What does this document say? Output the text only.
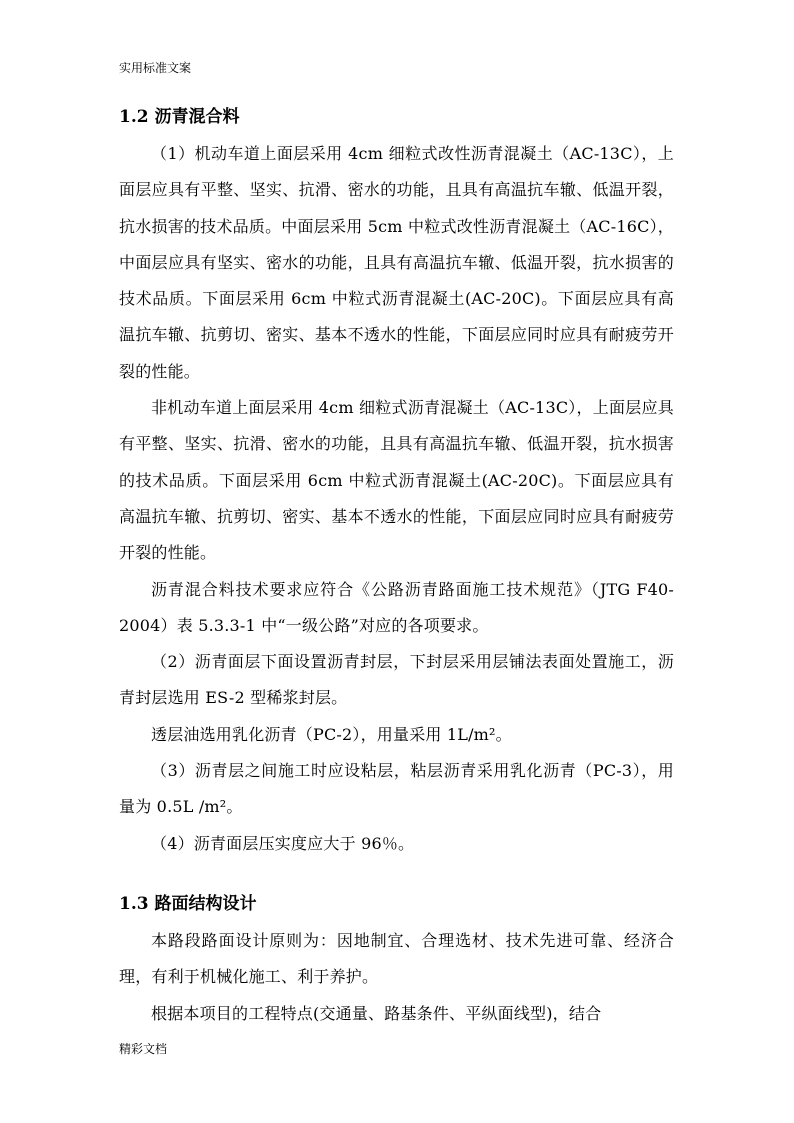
实用标准文案
1.2 沥青混合料

（1）机动车道上面层采用 4cm 细粒式改性沥青混凝土（AC-13C），上面层应具有平整、坚实、抗滑、密水的功能，且具有高温抗车辙、低温开裂，抗水损害的技术品质。中面层采用 5cm 中粒式改性沥青混凝土（AC-16C），中面层应具有坚实、密水的功能，且具有高温抗车辙、低温开裂，抗水损害的技术品质。下面层采用 6cm 中粒式沥青混凝土(AC-20C)。下面层应具有高温抗车辙、抗剪切、密实、基本不透水的性能，下面层应同时应具有耐疲劳开裂的性能。

非机动车道上面层采用 4cm 细粒式沥青混凝土（AC-13C），上面层应具有平整、坚实、抗滑、密水的功能，且具有高温抗车辙、低温开裂，抗水损害的技术品质。下面层采用 6cm 中粒式沥青混凝土(AC-20C)。下面层应具有高温抗车辙、抗剪切、密实、基本不透水的性能，下面层应同时应具有耐疲劳开裂的性能。

沥青混合料技术要求应符合《公路沥青路面施工技术规范》（JTG F40-2004）表 5.3.3-1 中“一级公路”对应的各项要求。

（2）沥青面层下面设置沥青封层，下封层采用层铺法表面处置施工，沥青封层选用 ES-2 型稀浆封层。

透层油选用乳化沥青（PC-2），用量采用 1L/m²。

（3）沥青层之间施工时应设粘层，粘层沥青采用乳化沥青（PC-3），用量为 0.5L /m²。

（4）沥青面层压实度应大于 96％。

1.3 路面结构设计

本路段路面设计原则为：因地制宜、合理选材、技术先进可靠、经济合理，有利于机械化施工、利于养护。

根据本项目的工程特点(交通量、路基条件、平纵面线型)，结合

精彩文档
